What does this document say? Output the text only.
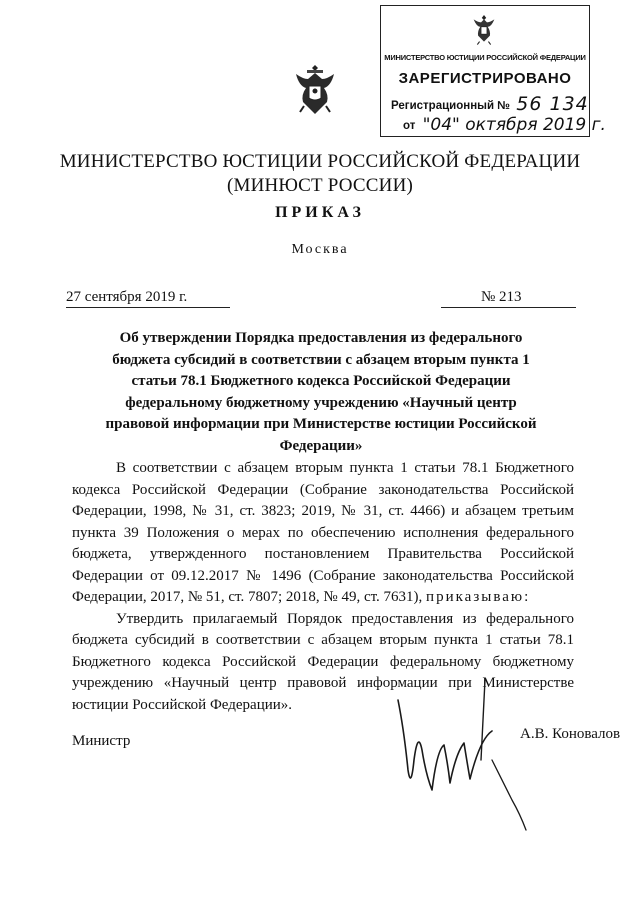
МИНИСТЕРСТВО ЮСТИЦИИ РОССИЙСКОЙ ФЕДЕРАЦИИ
ЗАРЕГИСТРИРОВАНО
Регистрационный № 56 134
от "04" октября 2019 г.
МИНИСТЕРСТВО ЮСТИЦИИ РОССИЙСКОЙ ФЕДЕРАЦИИ
(МИНЮСТ РОССИИ)
ПРИКАЗ
Москва
27 сентября 2019 г.	№ 213
Об утверждении Порядка предоставления из федерального
бюджета субсидий в соответствии с абзацем вторым пункта 1
статьи 78.1 Бюджетного кодекса Российской Федерации
федеральному бюджетному учреждению «Научный центр
правовой информации при Министерстве юстиции Российской
Федерации»

В соответствии с абзацем вторым пункта 1 статьи 78.1 Бюджетного кодекса Российской Федерации (Собрание законодательства Российской Федерации, 1998, № 31, ст. 3823; 2019, № 31, ст. 4466) и абзацем третьим пункта 39 Положения о мерах по обеспечению исполнения федерального бюджета, утвержденного постановлением Правительства Российской Федерации от 09.12.2017 № 1496 (Собрание законодательства Российской Федерации, 2017, № 51, ст. 7807; 2018, № 49, ст. 7631), приказываю:

Утвердить прилагаемый Порядок предоставления из федерального бюджета субсидий в соответствии с абзацем вторым пункта 1 статьи 78.1 Бюджетного кодекса Российской Федерации федеральному бюджетному учреждению «Научный центр правовой информации при Министерстве юстиции Российской Федерации».

Министр	А.В. Коновалов
